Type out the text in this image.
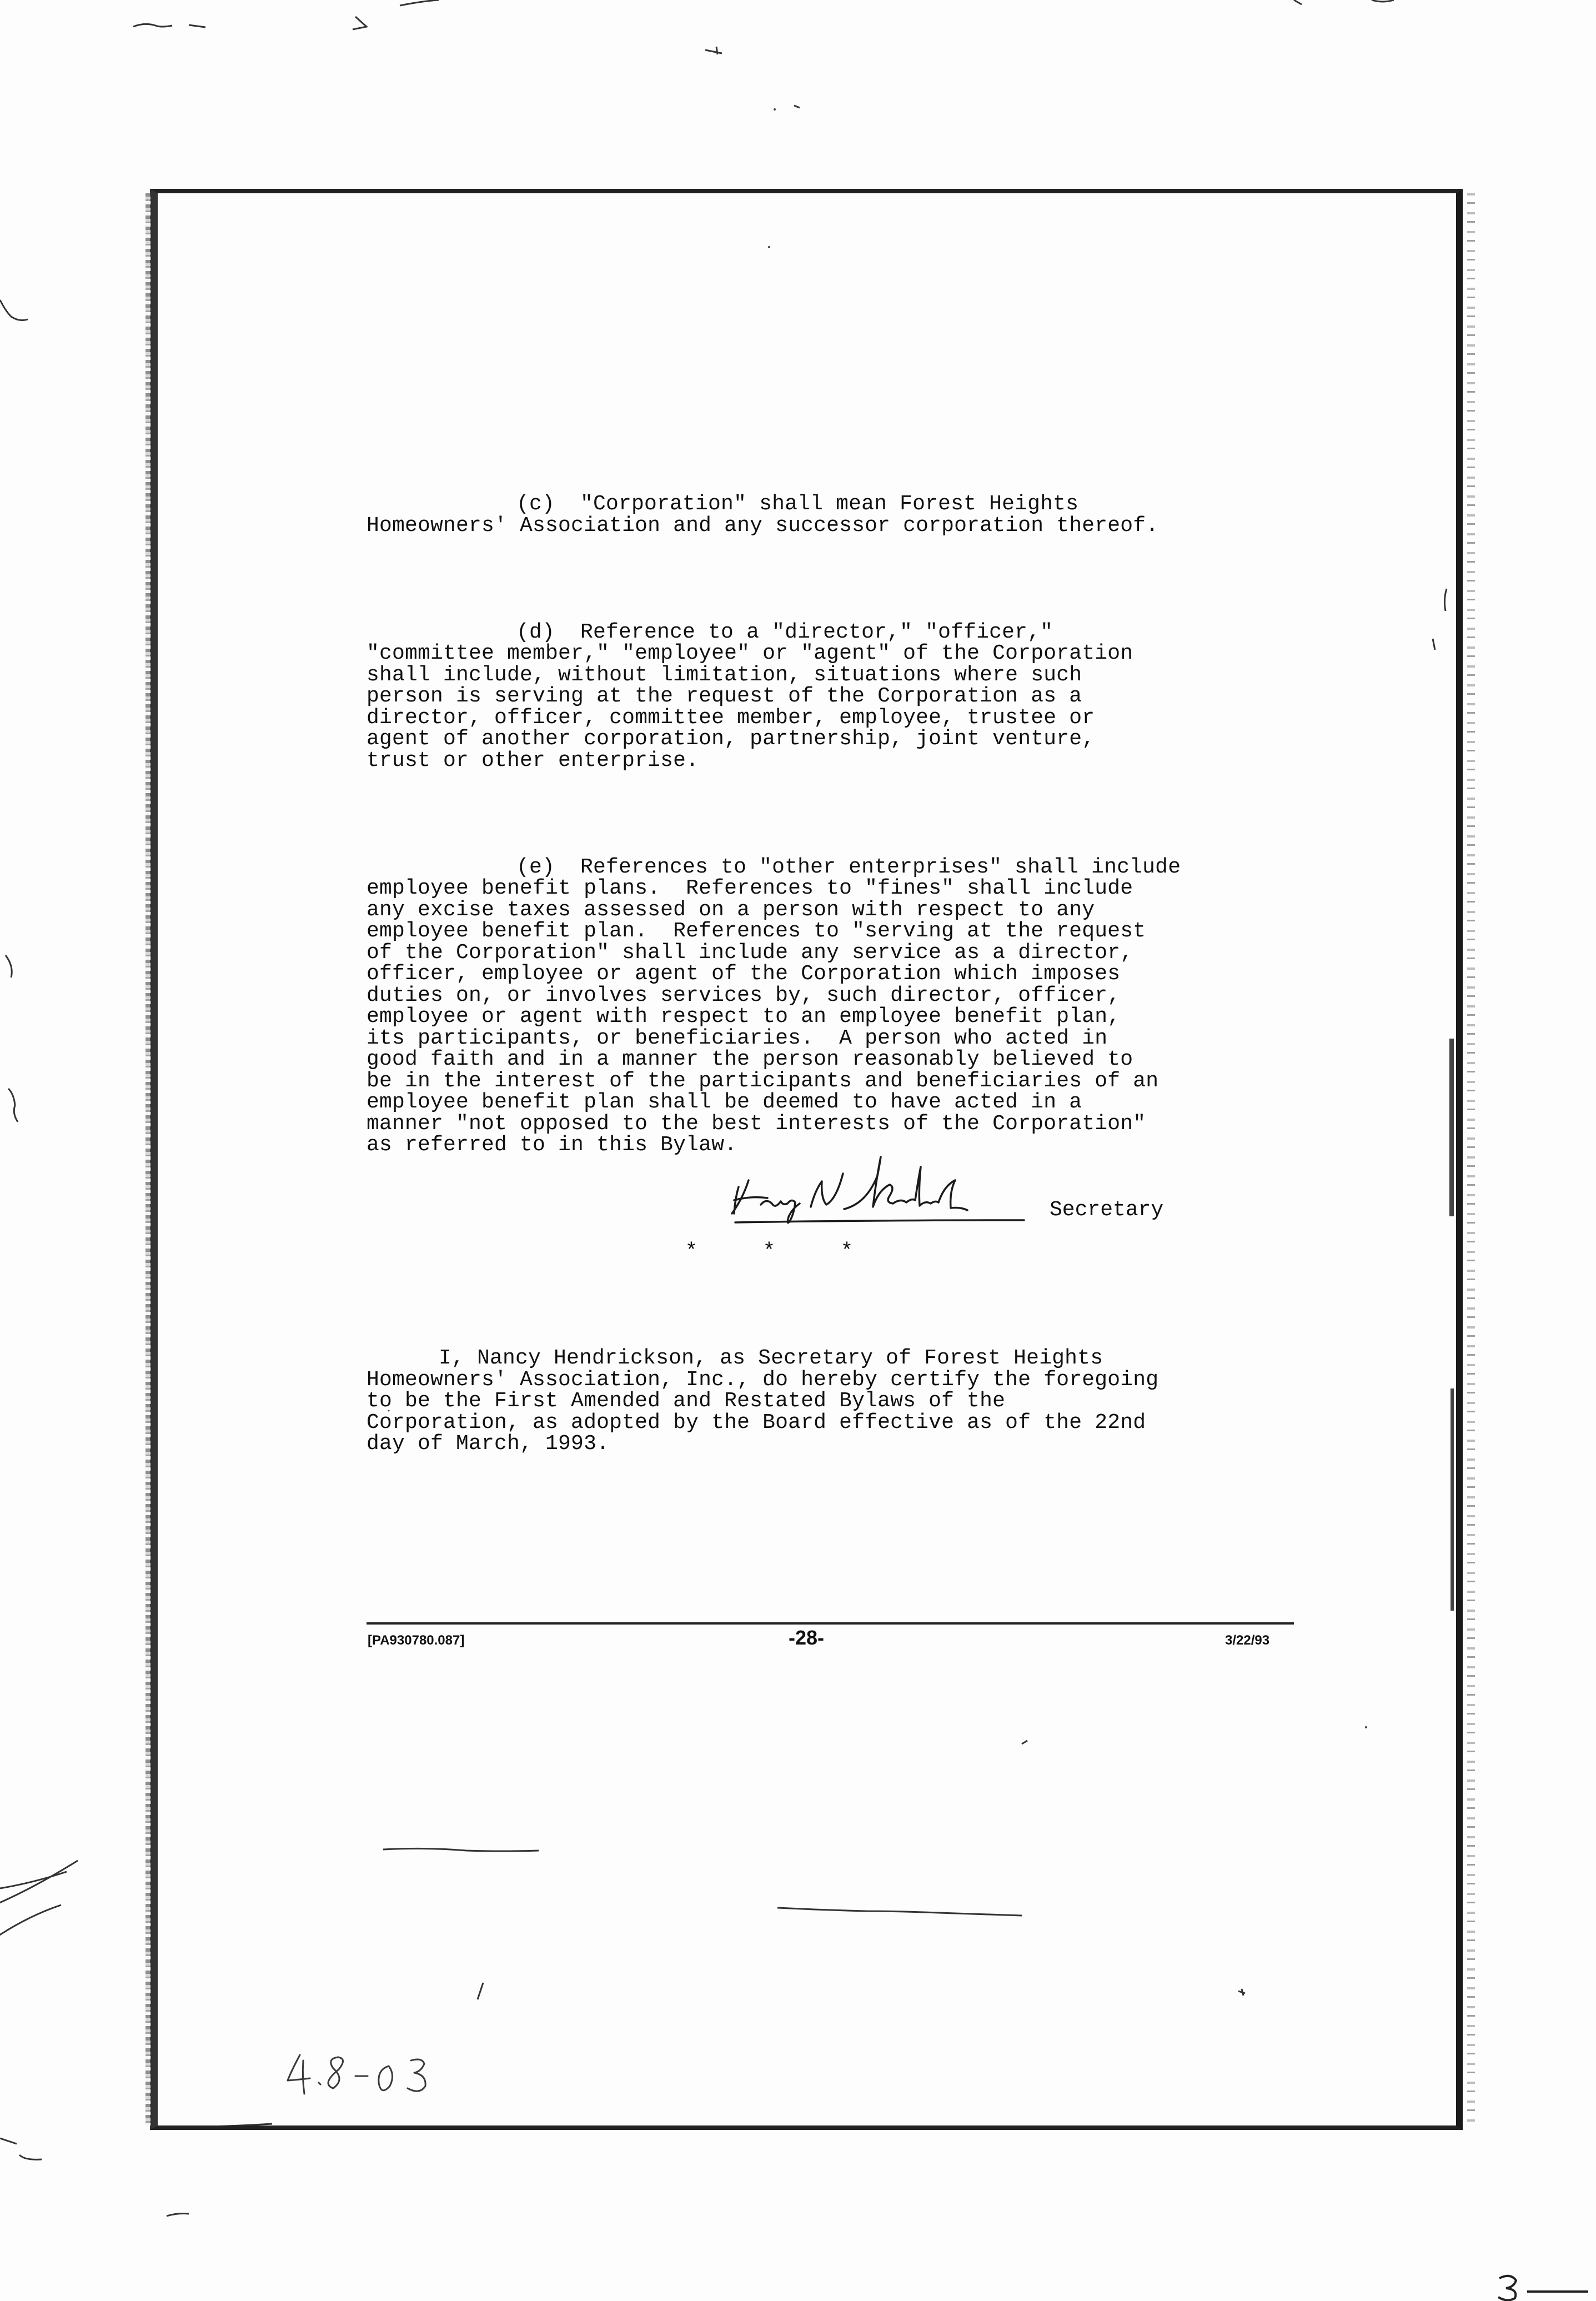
(c)  "Corporation" shall mean Forest Heights
Homeowners' Association and any successor corporation thereof.

(d)  Reference to a "director," "officer,"
"committee member," "employee" or "agent" of the Corporation
shall include, without limitation, situations where such
person is serving at the request of the Corporation as a
director, officer, committee member, employee, trustee or
agent of another corporation, partnership, joint venture,
trust or other enterprise.

(e)  References to "other enterprises" shall include
employee benefit plans.  References to "fines" shall include
any excise taxes assessed on a person with respect to any
employee benefit plan.  References to "serving at the request
of the Corporation" shall include any service as a director,
officer, employee or agent of the Corporation which imposes
duties on, or involves services by, such director, officer,
employee or agent with respect to an employee benefit plan,
its participants, or beneficiaries.  A person who acted in
good faith and in a manner the person reasonably believed to
be in the interest of the participants and beneficiaries of an
employee benefit plan shall be deemed to have acted in a
manner "not opposed to the best interests of the Corporation"
as referred to in this Bylaw.

*	*	*

I, Nancy Hendrickson, as Secretary of Forest Heights
Homeowners' Association, Inc., do hereby certify the foregoing
to be the First Amended and Restated Bylaws of the
Corporation, as adopted by the Board effective as of the 22nd
day of March, 1993.

Secretary
[PA930780.087]	-28-	3/22/93
